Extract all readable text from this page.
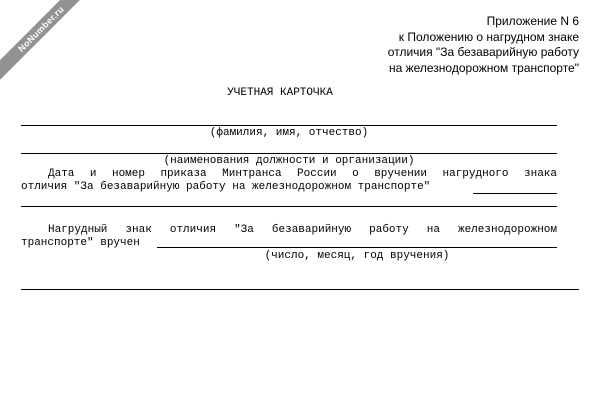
NoNumber.ru	Приложение N 6
к Положению о нагрудном знаке
отличия "За безаварийную работу
на железнодорожном транспорте"
УЧЕТНАЯ КАРТОЧКА
(фамилия, имя, отчество)
(наименования должности и организации)
Дата и номер приказа Минтранса России о вручении нагрудного знака
отличия "За безаварийную работу на железнодорожном транспорте"
Нагрудный знак отличия "За безаварийную работу на железнодорожном
транспорте" вручен
(число, месяц, год вручения)
